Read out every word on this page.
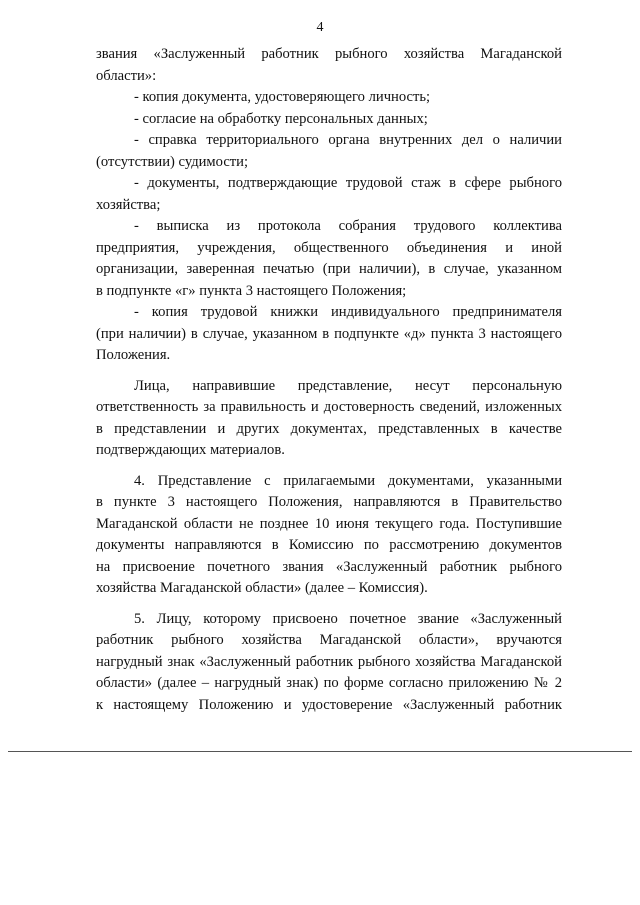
4
звания «Заслуженный работник рыбного хозяйства Магаданской
области»:
- копия документа, удостоверяющего личность;
- согласие на обработку персональных данных;
- справка территориального органа внутренних дел о наличии
(отсутствии) судимости;
- документы, подтверждающие трудовой стаж в сфере рыбного
хозяйства;
- выписка из протокола собрания трудового коллектива
предприятия, учреждения, общественного объединения и иной
организации, заверенная печатью (при наличии), в случае, указанном
в подпункте «г» пункта 3 настоящего Положения;
- копия трудовой книжки индивидуального предпринимателя
(при наличии) в случае, указанном в подпункте «д» пункта 3 настоящего
Положения.
Лица, направившие представление, несут персональную
ответственность за правильность и достоверность сведений, изложенных
в представлении и других документах, представленных в качестве
подтверждающих материалов.
4. Представление с прилагаемыми документами, указанными
в пункте 3 настоящего Положения, направляются в Правительство
Магаданской области не позднее 10 июня текущего года. Поступившие
документы направляются в Комиссию по рассмотрению документов
на присвоение почетного звания «Заслуженный работник рыбного
хозяйства Магаданской области» (далее – Комиссия).
5. Лицу, которому присвоено почетное звание «Заслуженный
работник рыбного хозяйства Магаданской области», вручаются
нагрудный знак «Заслуженный работник рыбного хозяйства Магаданской
области» (далее – нагрудный знак) по форме согласно приложению № 2
к настоящему Положению и удостоверение «Заслуженный работник
